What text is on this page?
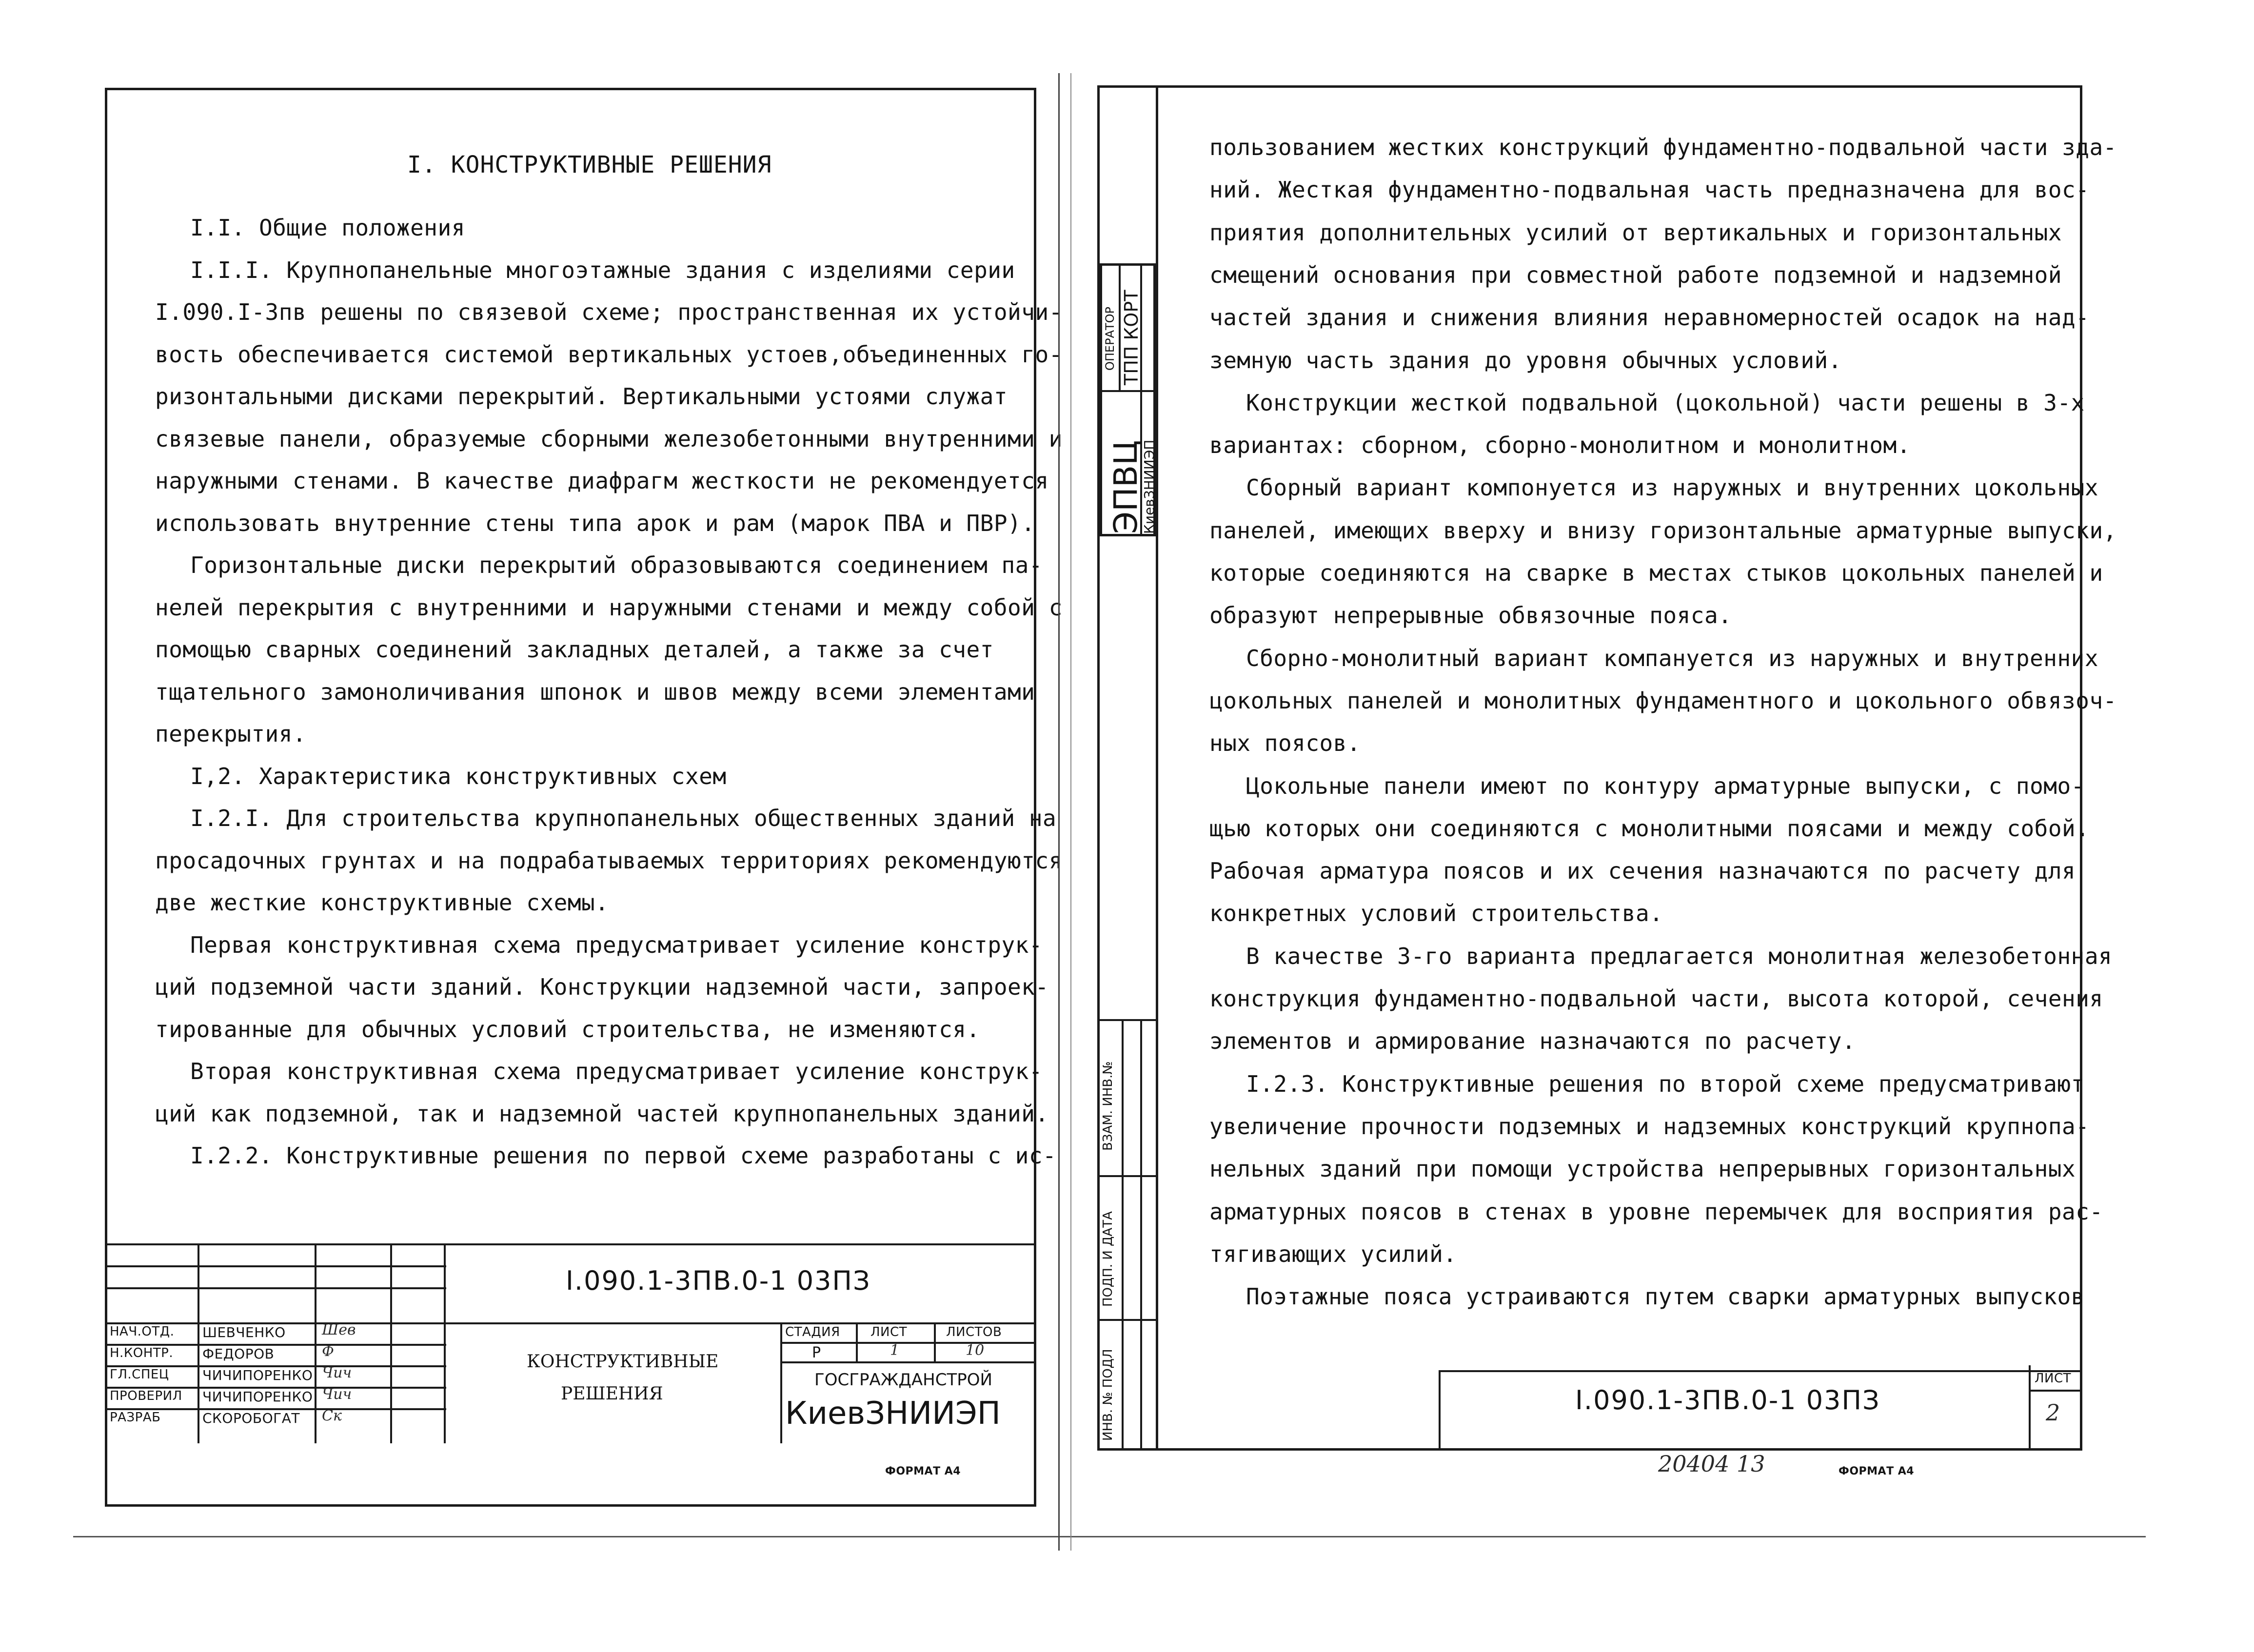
I. КОНСТРУКТИВНЫЕ РЕШЕНИЯ
I.I. Общие положения
I.I.I. Крупнопанельные многоэтажные здания с изделиями серии
I.090.I-3пв решены по связевой схеме; пространственная их устойчи-
вость обеспечивается системой вертикальных устоев,объединенных го-
ризонтальными дисками перекрытий. Вертикальными устоями служат
связевые панели, образуемые сборными железобетонными внутренними и
наружными стенами. В качестве диафрагм жесткости не рекомендуется
использовать внутренние стены типа арок и рам (марок ПВА и ПВР).
Горизонтальные диски перекрытий образовываются соединением па-
нелей перекрытия с внутренними и наружными стенами и между собой с
помощью сварных соединений закладных деталей, а также за счет
тщательного замоноличивания шпонок и швов между всеми элементами
перекрытия.
I,2. Характеристика конструктивных схем
I.2.I. Для строительства крупнопанельных общественных зданий на
просадочных грунтах и на подрабатываемых территориях рекомендуются
две жесткие конструктивные схемы.
Первая конструктивная схема предусматривает усиление конструк-
ций подземной части зданий. Конструкции надземной части, запроек-
тированные для обычных условий строительства, не изменяются.
Вторая конструктивная схема предусматривает усиление конструк-
ций как подземной, так и надземной частей крупнопанельных зданий.
I.2.2. Конструктивные решения по первой схеме разработаны с ис-
I.090.1-3ПВ.0-1 03ПЗ
НАЧ.ОТД. ШЕВЧЕНКО Шев
Н.КОНТР. ФЕДОРОВ	Ф
ГЛ.СПЕЦ ЧИЧИПОРЕНКО Чич
ПРОВЕРИЛ ЧИЧИПОРЕНКО Чич
РАЗРАБ	СКОРОБОГАТ Ск
КОНСТРУКТИВНЫЕ
РЕШЕНИЯ
СТАДИЯ ЛИСТ	ЛИСТОВ
Р	1	10
ГОСГРАЖДАНСТРОЙ
КиевЗНИИЭП
ФОРМАТ А4
ЭПВЦ
КиевЗНИИЭП
ОПЕРАТОР ТПП КОРТ
ВЗАМ. ИНВ.№
ПОДП. И ДАТА
ИНВ. № ПОДЛ
пользованием жестких конструкций фундаментно-подвальной части зда-
ний. Жесткая фундаментно-подвальная часть предназначена для вос-
приятия дополнительных усилий от вертикальных и горизонтальных
смещений основания при совместной работе подземной и надземной
частей здания и снижения влияния неравномерностей осадок на над-
земную часть здания до уровня обычных условий.
Конструкции жесткой подвальной (цокольной) части решены в 3-х
вариантах: сборном, сборно-монолитном и монолитном.
Сборный вариант компонуется из наружных и внутренних цокольных
панелей, имеющих вверху и внизу горизонтальные арматурные выпуски,
которые соединяются на сварке в местах стыков цокольных панелей и
образуют непрерывные обвязочные пояса.
Сборно-монолитный вариант компануется из наружных и внутренних
цокольных панелей и монолитных фундаментного и цокольного обвязоч-
ных поясов.
Цокольные панели имеют по контуру арматурные выпуски, с помо-
щью которых они соединяются с монолитными поясами и между собой.
Рабочая арматура поясов и их сечения назначаются по расчету для
конкретных условий строительства.
В качестве 3-го варианта предлагается монолитная железобетонная
конструкция фундаментно-подвальной части, высота которой, сечения
элементов и армирование назначаются по расчету.
I.2.3. Конструктивные решения по второй схеме предусматривают
увеличение прочности подземных и надземных конструкций крупнопа-
нельных зданий при помощи устройства непрерывных горизонтальных
арматурных поясов в стенах в уровне перемычек для восприятия рас-
тягивающих усилий.
Поэтажные пояса устраиваются путем сварки арматурных выпусков
I.090.1-3ПВ.0-1 03ПЗ
ЛИСТ
2
20404 13	ФОРМАТ А4
